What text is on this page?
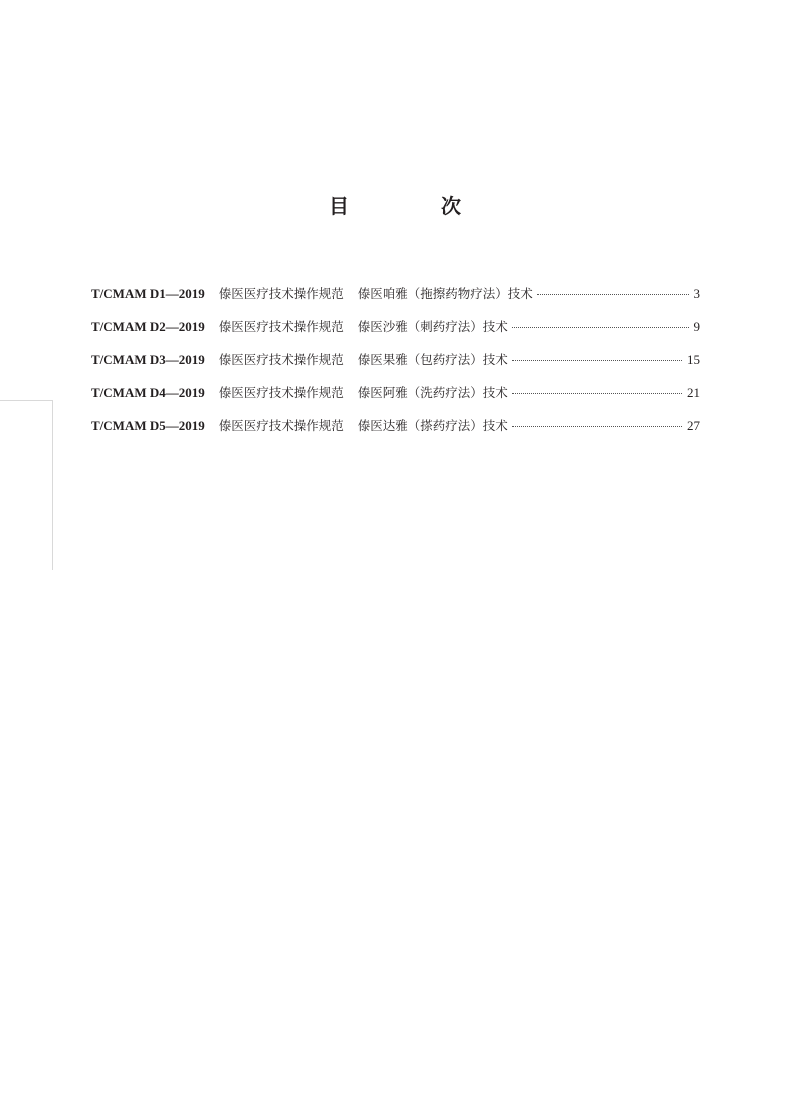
目　次
T/CMAM D1—2019 傣医医疗技术操作规范 傣医咱雅（拖擦药物疗法）技术	3
T/CMAM D2—2019 傣医医疗技术操作规范 傣医沙雅（刺药疗法）技术	9
T/CMAM D3—2019 傣医医疗技术操作规范 傣医果雅（包药疗法）技术	15
T/CMAM D4—2019 傣医医疗技术操作规范 傣医阿雅（洗药疗法）技术	21
T/CMAM D5—2019 傣医医疗技术操作规范 傣医达雅（搽药疗法）技术	27
